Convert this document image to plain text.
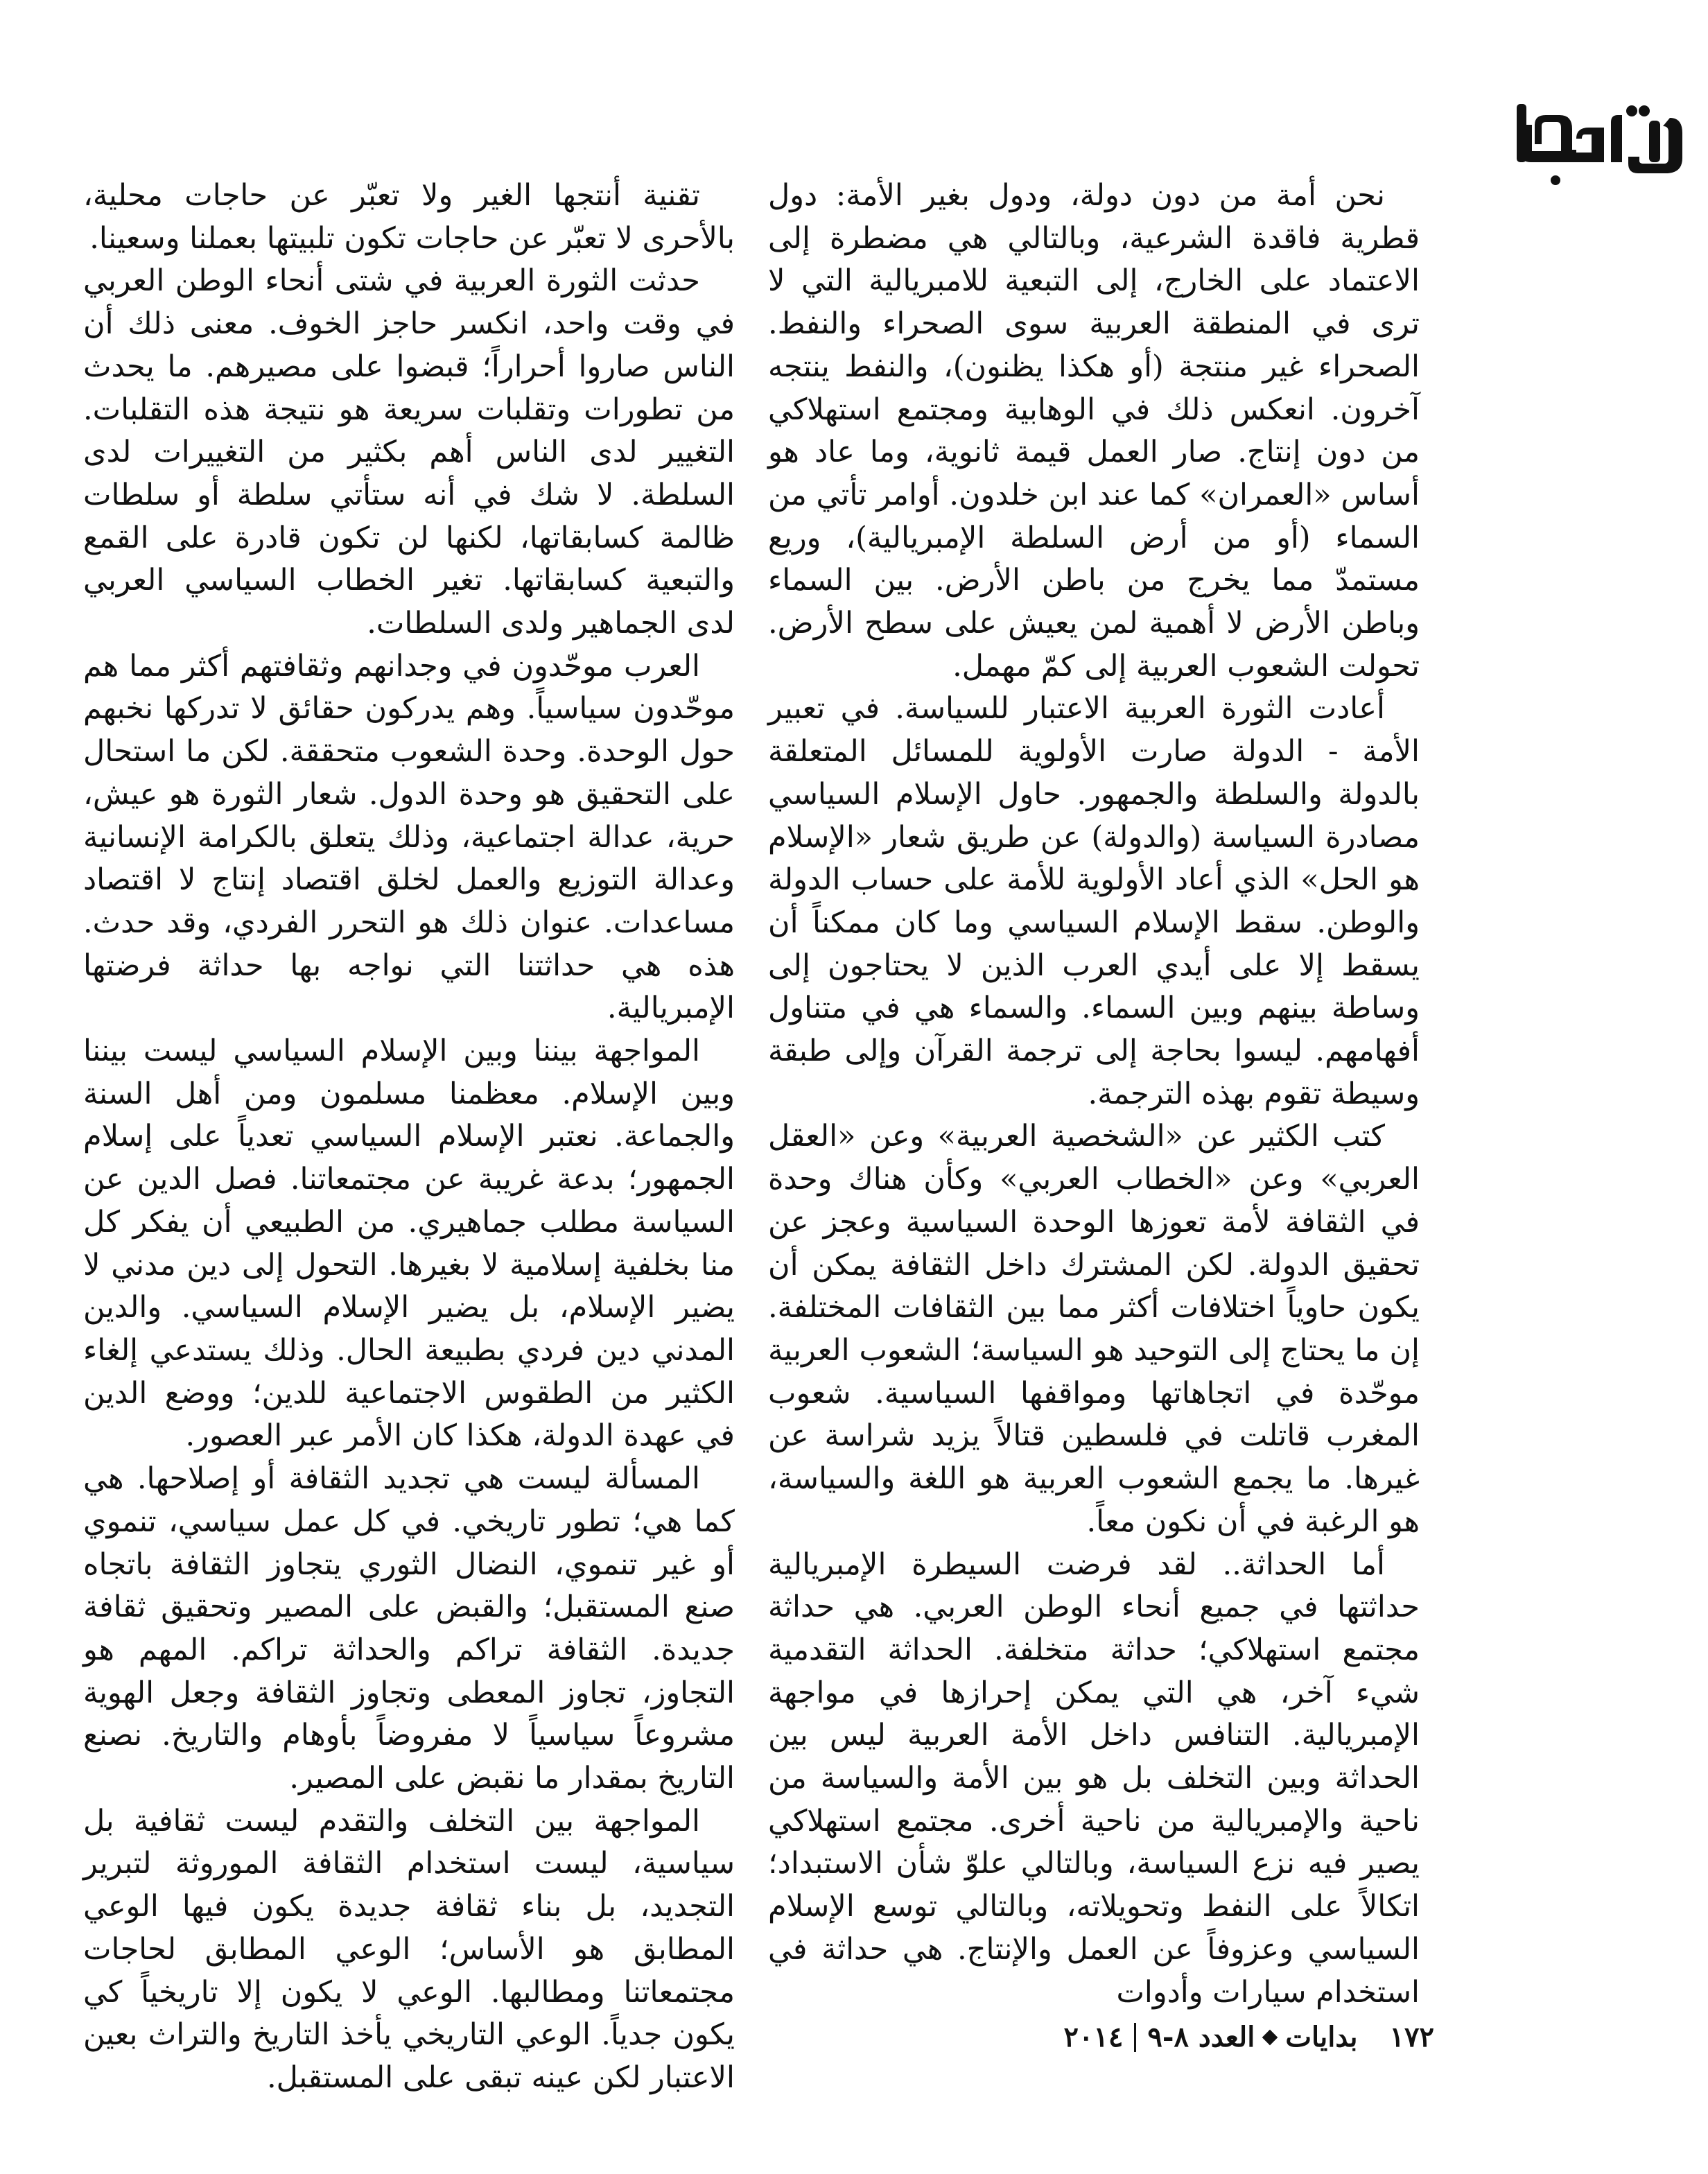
نحن أمة من دون دولة، ودول بغير الأمة: دول قطرية فاقدة الشرعية، وبالتالي هي مضطرة إلى الاعتماد على الخارج، إلى التبعية للامبريالية التي لا ترى في المنطقة العربية سوى الصحراء والنفط. الصحراء غير منتجة (أو هكذا يظنون)، والنفط ينتجه آخرون. انعكس ذلك في الوهابية ومجتمع استهلاكي من دون إنتاج. صار العمل قيمة ثانوية، وما عاد هو أساس «العمران» كما عند ابن خلدون. أوامر تأتي من السماء (أو من أرض السلطة الإمبريالية)، وريع مستمدّ مما يخرج من باطن الأرض. بين السماء وباطن الأرض لا أهمية لمن يعيش على سطح الأرض. تحولت الشعوب العربية إلى كمّ مهمل.

أعادت الثورة العربية الاعتبار للسياسة. في تعبير الأمة - الدولة صارت الأولوية للمسائل المتعلقة بالدولة والسلطة والجمهور. حاول الإسلام السياسي مصادرة السياسة (والدولة) عن طريق شعار «الإسلام هو الحل» الذي أعاد الأولوية للأمة على حساب الدولة والوطن. سقط الإسلام السياسي وما كان ممكناً أن يسقط إلا على أيدي العرب الذين لا يحتاجون إلى وساطة بينهم وبين السماء. والسماء هي في متناول أفهامهم. ليسوا بحاجة إلى ترجمة القرآن وإلى طبقة وسيطة تقوم بهذه الترجمة.

كتب الكثير عن «الشخصية العربية» وعن «العقل العربي» وعن «الخطاب العربي» وكأن هناك وحدة في الثقافة لأمة تعوزها الوحدة السياسية وعجز عن تحقيق الدولة. لكن المشترك داخل الثقافة يمكن أن يكون حاوياً اختلافات أكثر مما بين الثقافات المختلفة. إن ما يحتاج إلى التوحيد هو السياسة؛ الشعوب العربية موحّدة في اتجاهاتها ومواقفها السياسية. شعوب المغرب قاتلت في فلسطين قتالاً يزيد شراسة عن غيرها. ما يجمع الشعوب العربية هو اللغة والسياسة، هو الرغبة في أن نكون معاً.

أما الحداثة.. لقد فرضت السيطرة الإمبريالية حداثتها في جميع أنحاء الوطن العربي. هي حداثة مجتمع استهلاكي؛ حداثة متخلفة. الحداثة التقدمية شيء آخر، هي التي يمكن إحرازها في مواجهة الإمبريالية. التنافس داخل الأمة العربية ليس بين الحداثة وبين التخلف بل هو بين الأمة والسياسة من ناحية والإمبريالية من ناحية أخرى. مجتمع استهلاكي يصير فيه نزع السياسة، وبالتالي علوّ شأن الاستبداد؛ اتكالاً على النفط وتحويلاته، وبالتالي توسع الإسلام السياسي وعزوفاً عن العمل والإنتاج. هي حداثة في استخدام سيارات وأدوات

تقنية أنتجها الغير ولا تعبّر عن حاجات محلية، بالأحرى لا تعبّر عن حاجات تكون تلبيتها بعملنا وسعينا.

حدثت الثورة العربية في شتى أنحاء الوطن العربي في وقت واحد، انكسر حاجز الخوف. معنى ذلك أن الناس صاروا أحراراً؛ قبضوا على مصيرهم. ما يحدث من تطورات وتقلبات سريعة هو نتيجة هذه التقلبات. التغيير لدى الناس أهم بكثير من التغييرات لدى السلطة. لا شك في أنه ستأتي سلطة أو سلطات ظالمة كسابقاتها، لكنها لن تكون قادرة على القمع والتبعية كسابقاتها. تغير الخطاب السياسي العربي لدى الجماهير ولدى السلطات.

العرب موحّدون في وجدانهم وثقافتهم أكثر مما هم موحّدون سياسياً. وهم يدركون حقائق لا تدركها نخبهم حول الوحدة. وحدة الشعوب متحققة. لكن ما استحال على التحقيق هو وحدة الدول. شعار الثورة هو عيش، حرية، عدالة اجتماعية، وذلك يتعلق بالكرامة الإنسانية وعدالة التوزيع والعمل لخلق اقتصاد إنتاج لا اقتصاد مساعدات. عنوان ذلك هو التحرر الفردي، وقد حدث. هذه هي حداثتنا التي نواجه بها حداثة فرضتها الإمبريالية.

المواجهة بيننا وبين الإسلام السياسي ليست بيننا وبين الإسلام. معظمنا مسلمون ومن أهل السنة والجماعة. نعتبر الإسلام السياسي تعدياً على إسلام الجمهور؛ بدعة غريبة عن مجتمعاتنا. فصل الدين عن السياسة مطلب جماهيري. من الطبيعي أن يفكر كل منا بخلفية إسلامية لا بغيرها. التحول إلى دين مدني لا يضير الإسلام، بل يضير الإسلام السياسي. والدين المدني دين فردي بطبيعة الحال. وذلك يستدعي إلغاء الكثير من الطقوس الاجتماعية للدين؛ ووضع الدين في عهدة الدولة، هكذا كان الأمر عبر العصور.

المسألة ليست هي تجديد الثقافة أو إصلاحها. هي كما هي؛ تطور تاريخي. في كل عمل سياسي، تنموي أو غير تنموي، النضال الثوري يتجاوز الثقافة باتجاه صنع المستقبل؛ والقبض على المصير وتحقيق ثقافة جديدة. الثقافة تراكم والحداثة تراكم. المهم هو التجاوز، تجاوز المعطى وتجاوز الثقافة وجعل الهوية مشروعاً سياسياً لا مفروضاً بأوهام والتاريخ. نصنع التاريخ بمقدار ما نقبض على المصير.

المواجهة بين التخلف والتقدم ليست ثقافية بل سياسية، ليست استخدام الثقافة الموروثة لتبرير التجديد، بل بناء ثقافة جديدة يكون فيها الوعي المطابق هو الأساس؛ الوعي المطابق لحاجات مجتمعاتنا ومطالبها. الوعي لا يكون إلا تاريخياً كي يكون جدياً. الوعي التاريخي يأخذ التاريخ والتراث بعين الاعتبار لكن عينه تبقى على المستقبل.

١٧٢
بدايات
العدد ٨-٩
٢٠١٤
